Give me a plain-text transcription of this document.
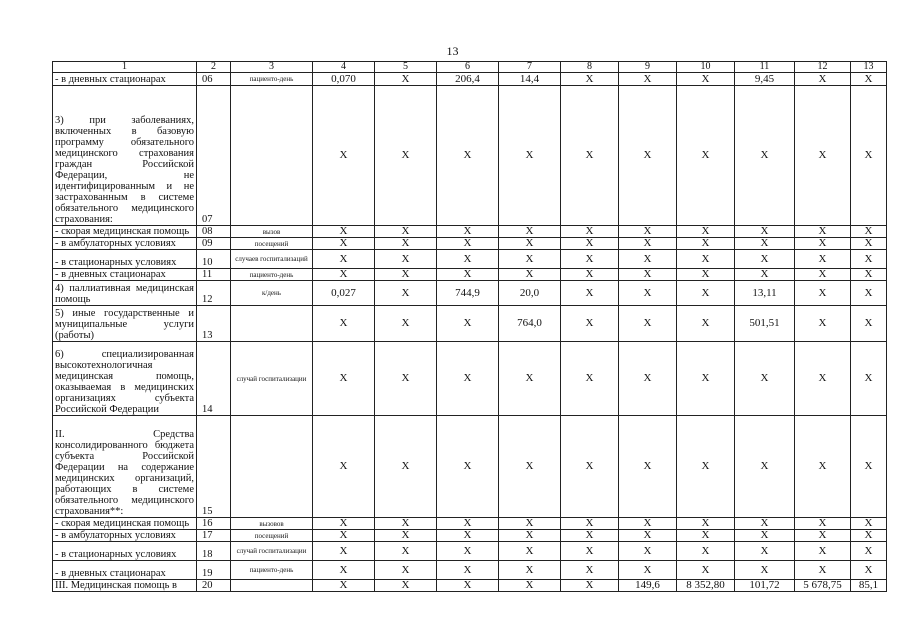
13
1	2	3	4	5	6	7	8	9	10	11	12	13
- в дневных стационарах	06	пациенто-день	0,070	X	206,4	14,4	X	X	X	9,45	X	X
3) при заболеваниях, включенных в базовую программу обязательного медицинского страхования граждан Российской Федерации, не идентифицированным и не застрахованным в системе обязательного медицинского страхования:	07		X	X	X	X	X	X	X	X	X	X
- скорая медицинская помощь	08	вызов	X	X	X	X	X	X	X	X	X	X
- в амбулаторных условиях	09	посещений	X	X	X	X	X	X	X	X	X	X
- в стационарных условиях	10	случаев госпитализаций	X	X	X	X	X	X	X	X	X	X
- в дневных стационарах	11	пациенто-день	X	X	X	X	X	X	X	X	X	X
4) паллиативная медицинская помощь	12	к/день	0,027	X	744,9	20,0	X	X	X	13,11	X	X
5) иные государственные и муниципальные услуги (работы)	13		X	X	X	764,0	X	X	X	501,51	X	X
6) специализированная высокотехнологичная медицинская помощь, оказываемая в медицинских организациях субъекта Российской Федерации	14	случай госпитализации	X	X	X	X	X	X	X	X	X	X
II. Средства консолидированного бюджета субъекта Российской Федерации на содержание медицинских организаций, работающих в системе обязательного медицинского страхования**:	15		X	X	X	X	X	X	X	X	X	X
- скорая медицинская помощь	16	вызовов	X	X	X	X	X	X	X	X	X	X
- в амбулаторных условиях	17	посещений	X	X	X	X	X	X	X	X	X	X
- в стационарных условиях	18	случай госпитализации	X	X	X	X	X	X	X	X	X	X
- в дневных стационарах	19	пациенто-день	X	X	X	X	X	X	X	X	X	X
III. Медицинская помощь в	20		X	X	X	X	X	149,6	8 352,80	101,72	5 678,75	85,1
